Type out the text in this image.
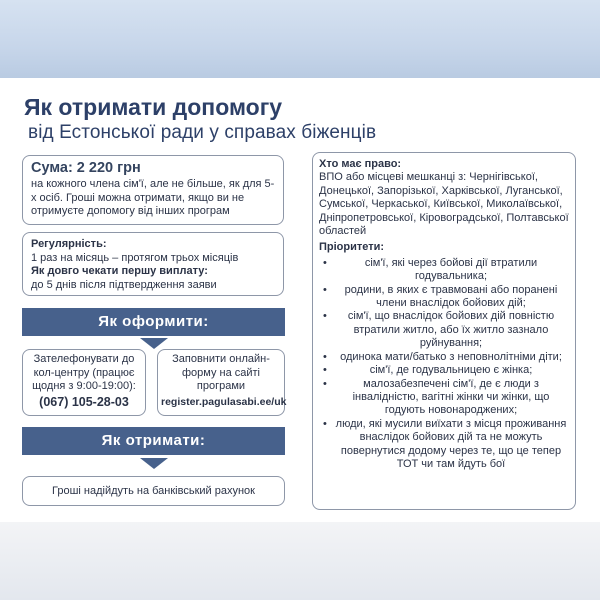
Як отримати допомогу
від Естонської ради у справах біженців
Сума: 2 220 грн
на кожного члена сім'ї, але не більше, як для 5-х осіб. Гроші можна отримати, якщо ви не отримуєте допомогу від інших програм
Регулярність:
1 раз на місяць – протягом трьох місяців
Як довго чекати першу виплату:
до 5 днів після підтвердження заяви
Як оформити:
Зателефонувати до кол-центру (працює щодня з 9:00-19:00):
(067) 105-28-03
Заповнити онлайн-форму на сайті програми
register.pagulasabi.ee/uk
Як отримати:
Гроші надійдуть на банківський рахунок
Хто має право:
ВПО або місцеві мешканці з: Чернігівської, Донецької, Запорізької, Харківської, Луганської, Сумської, Черкаської, Київської, Миколаївської, Дніпропетровської, Кіровоградської, Полтавської областей
Пріоритети:
• сім'ї, які через бойові дії втратили годувальника;
• родини, в яких є травмовані або поранені члени внаслідок бойових дій;
• сім'ї, що внаслідок бойових дій повністю втратили житло, або їх житло зазнало руйнування;
• одинока мати/батько з неповнолітніми діти;
• сім'ї, де годувальницею є жінка;
• малозабезпечені сім'ї, де є люди з інвалідністю, вагітні жінки чи жінки, що годують новонароджених;
• люди, які мусили виїхати з місця проживання внаслідок бойових дій та не можуть повернутися додому через те, що це тепер ТОТ чи там йдуть бої
